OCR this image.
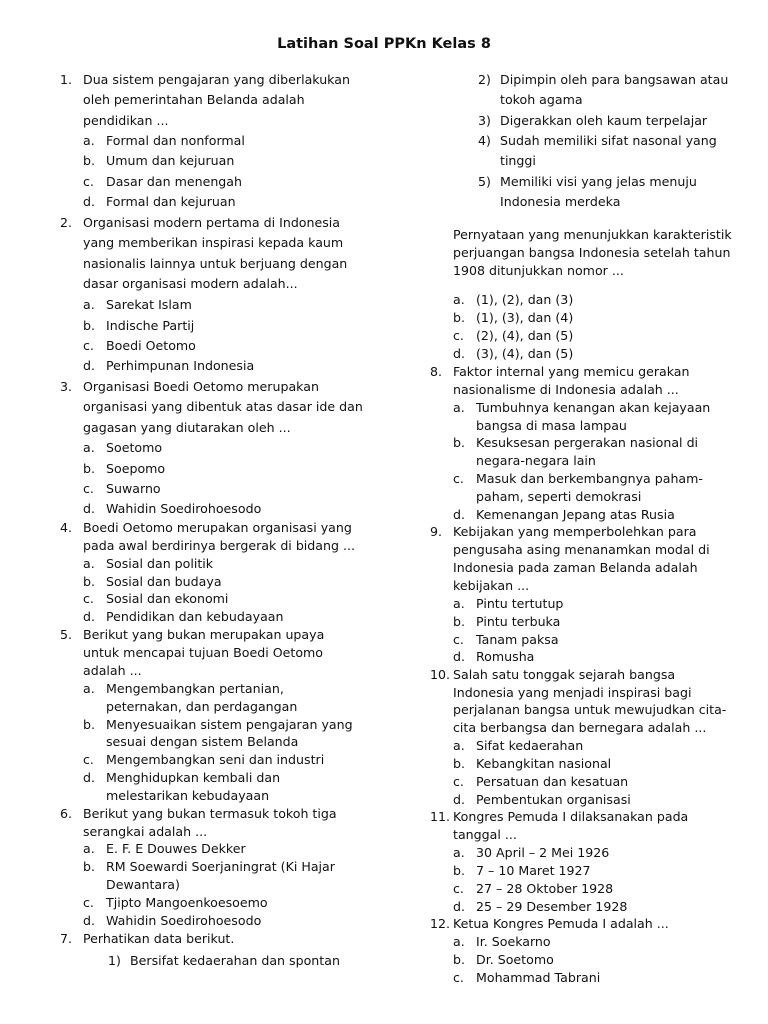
Latihan Soal PPKn Kelas 8
1. Dua sistem pengajaran yang diberlakukan
oleh pemerintahan Belanda adalah
pendidikan ...
a. Formal dan nonformal
b. Umum dan kejuruan
c. Dasar dan menengah
d. Formal dan kejuruan
2. Organisasi modern pertama di Indonesia
yang memberikan inspirasi kepada kaum
nasionalis lainnya untuk berjuang dengan
dasar organisasi modern adalah...
a. Sarekat Islam
b. Indische Partij
c. Boedi Oetomo
d. Perhimpunan Indonesia
3. Organisasi Boedi Oetomo merupakan
organisasi yang dibentuk atas dasar ide dan
gagasan yang diutarakan oleh ...
a. Soetomo
b. Soepomo
c. Suwarno
d. Wahidin Soedirohoesodo
4. Boedi Oetomo merupakan organisasi yang
pada awal berdirinya bergerak di bidang ...
a. Sosial dan politik
b. Sosial dan budaya
c. Sosial dan ekonomi
d. Pendidikan dan kebudayaan
5. Berikut yang bukan merupakan upaya
untuk mencapai tujuan Boedi Oetomo
adalah ...
a. Mengembangkan pertanian,
peternakan, dan perdagangan
b. Menyesuaikan sistem pengajaran yang
sesuai dengan sistem Belanda
c. Mengembangkan seni dan industri
d. Menghidupkan kembali dan
melestarikan kebudayaan
6. Berikut yang bukan termasuk tokoh tiga
serangkai adalah ...
a. E. F. E Douwes Dekker
b. RM Soewardi Soerjaningrat (Ki Hajar
Dewantara)
c. Tjipto Mangoenkoesoemo
d. Wahidin Soedirohoesodo
7. Perhatikan data berikut.
1) Bersifat kedaerahan dan spontan
2) Dipimpin oleh para bangsawan atau
tokoh agama
3) Digerakkan oleh kaum terpelajar
4) Sudah memiliki sifat nasonal yang
tinggi
5) Memiliki visi yang jelas menuju
Indonesia merdeka
Pernyataan yang menunjukkan karakteristik
perjuangan bangsa Indonesia setelah tahun
1908 ditunjukkan nomor ...
a. (1), (2), dan (3)
b. (1), (3), dan (4)
c. (2), (4), dan (5)
d. (3), (4), dan (5)
8. Faktor internal yang memicu gerakan
nasionalisme di Indonesia adalah ...
a. Tumbuhnya kenangan akan kejayaan
bangsa di masa lampau
b. Kesuksesan pergerakan nasional di
negara-negara lain
c. Masuk dan berkembangnya paham-
paham, seperti demokrasi
d. Kemenangan Jepang atas Rusia
9. Kebijakan yang memperbolehkan para
pengusaha asing menanamkan modal di
Indonesia pada zaman Belanda adalah
kebijakan ...
a. Pintu tertutup
b. Pintu terbuka
c. Tanam paksa
d. Romusha
10. Salah satu tonggak sejarah bangsa
Indonesia yang menjadi inspirasi bagi
perjalanan bangsa untuk mewujudkan cita-
cita berbangsa dan bernegara adalah ...
a. Sifat kedaerahan
b. Kebangkitan nasional
c. Persatuan dan kesatuan
d. Pembentukan organisasi
11. Kongres Pemuda I dilaksanakan pada
tanggal ...
a. 30 April – 2 Mei 1926
b. 7 – 10 Maret 1927
c. 27 – 28 Oktober 1928
d. 25 – 29 Desember 1928
12. Ketua Kongres Pemuda I adalah ...
a. Ir. Soekarno
b. Dr. Soetomo
c. Mohammad Tabrani
